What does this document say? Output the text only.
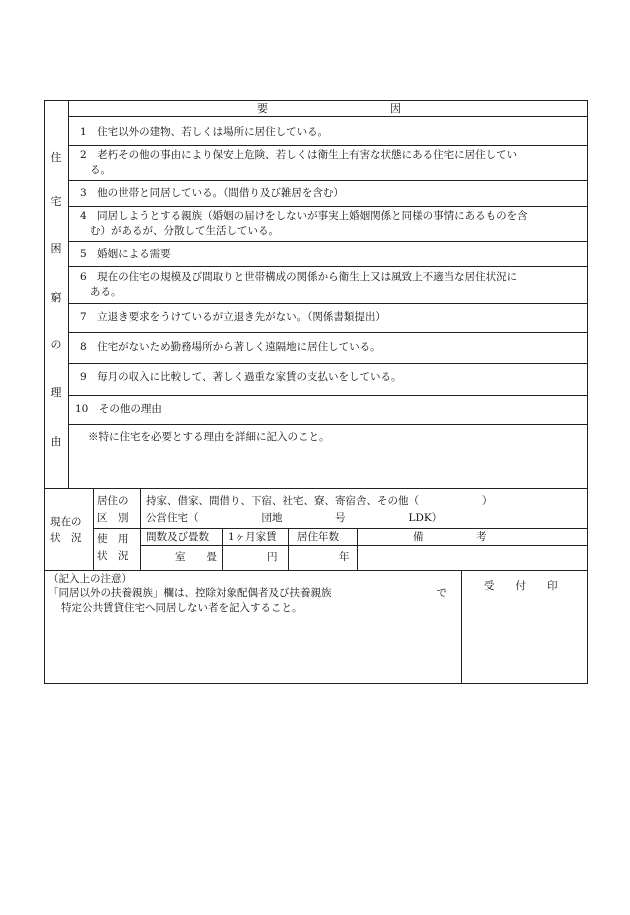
住
宅
困
窮
の
理
由
要	因
1　住宅以外の建物、若しくは場所に居住している。
2　老朽その他の事由により保安上危険、若しくは衛生上有害な状態にある住宅に居住してい
る。
3　他の世帯と同居している。（間借り及び雑居を含む）
4　同居しようとする親族（婚姻の届けをしないが事実上婚姻関係と同様の事情にあるものを含
む）があるが、分散して生活している。
5　婚姻による需要
6　現在の住宅の規模及び間取りと世帯構成の関係から衛生上又は風致上不適当な居住状況に
ある。
7　立退き要求をうけているが立退き先がない。（関係書類提出）
8　住宅がないため勤務場所から著しく遠隔地に居住している。
9　毎月の収入に比較して、著しく過重な家賃の支払いをしている。
10　その他の理由
※特に住宅を必要とする理由を詳細に記入のこと。
現在の
状　況
居住の
区　別
持家、借家、間借り、下宿、社宅、寮、寄宿舎、その他（　　　　　　）
公営住宅（　　　　　　団地　　　　　号　　　　　　LDK）
使　用
状　況
間数及び畳数 1ヶ月家賃 居住年数	備　　　　　考
室　　畳	円	年
（記入上の注意）
「同居以外の扶養親族」欄は、控除対象配偶者及び扶養親族　　　　　　　　　　で
特定公共賃貸住宅へ同居しない者を記入すること。
受　　付　　印
